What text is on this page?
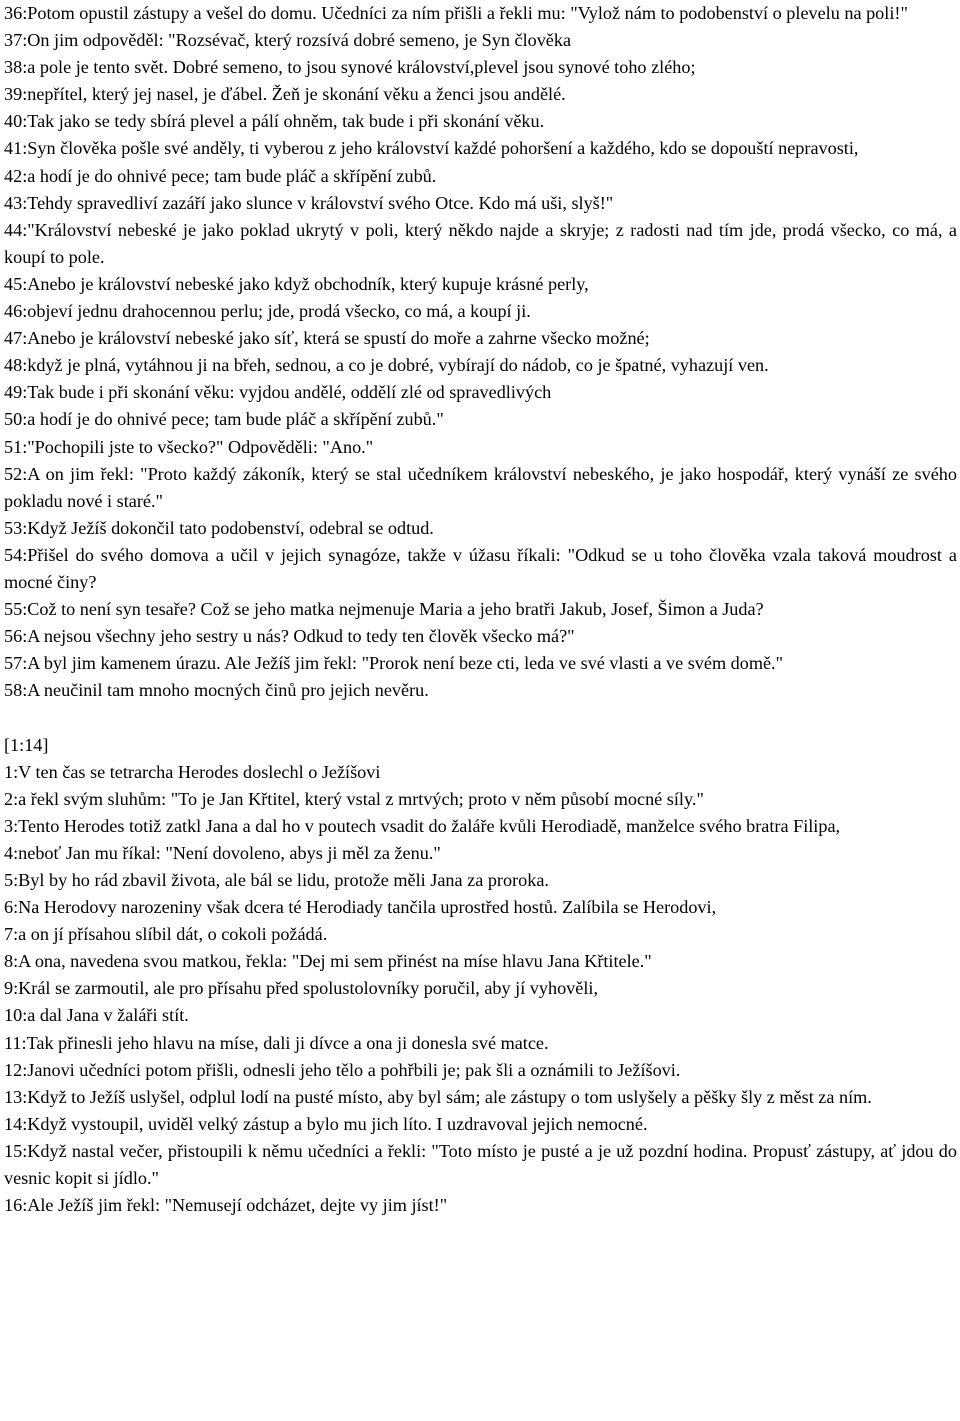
36:Potom opustil zástupy a vešel do domu. Učedníci za ním přišli a řekli mu: "Vylož nám to podobenství o plevelu na poli!"

37:On jim odpověděl: "Rozsévač, který rozsívá dobré semeno, je Syn člověka

38:a pole je tento svět. Dobré semeno, to jsou synové království,plevel jsou synové toho zlého;

39:nepřítel, který jej nasel, je ďábel. Žeň je skonání věku a ženci jsou andělé.

40:Tak jako se tedy sbírá plevel a pálí ohněm, tak bude i při skonání věku.

41:Syn člověka pošle své anděly, ti vyberou z jeho království každé pohoršení a každého, kdo se dopouští nepravosti,

42:a hodí je do ohnivé pece; tam bude pláč a skřípění zubů.

43:Tehdy spravedliví zazáří jako slunce v království svého Otce. Kdo má uši, slyš!"

44:"Království nebeské je jako poklad ukrytý v poli, který někdo najde a skryje; z radosti nad tím jde, prodá všecko, co má, a koupí to pole.

45:Anebo je království nebeské jako když obchodník, který kupuje krásné perly,

46:objeví jednu drahocennou perlu; jde, prodá všecko, co má, a koupí ji.

47:Anebo je království nebeské jako síť, která se spustí do moře a zahrne všecko možné;

48:když je plná, vytáhnou ji na břeh, sednou, a co je dobré, vybírají do nádob, co je špatné, vyhazují ven.

49:Tak bude i při skonání věku: vyjdou andělé, oddělí zlé od spravedlivých

50:a hodí je do ohnivé pece; tam bude pláč a skřípění zubů."

51:"Pochopili jste to všecko?" Odpověděli: "Ano."

52:A on jim řekl: "Proto každý zákoník, který se stal učedníkem království nebeského, je jako hospodář, který vynáší ze svého pokladu nové i staré."

53:Když Ježíš dokončil tato podobenství, odebral se odtud.

54:Přišel do svého domova a učil v jejich synagóze, takže v úžasu říkali: "Odkud se u toho člověka vzala taková moudrost a mocné činy?

55:Což to není syn tesaře? Což se jeho matka nejmenuje Maria a jeho bratři Jakub, Josef, Šimon a Juda?

56:A nejsou všechny jeho sestry u nás? Odkud to tedy ten člověk všecko má?"

57:A byl jim kamenem úrazu. Ale Ježíš jim řekl: "Prorok není beze cti, leda ve své vlasti a ve svém domě."

58:A neučinil tam mnoho mocných činů pro jejich nevěru.

[1:14]

1:V ten čas se tetrarcha Herodes doslechl o Ježíšovi

2:a řekl svým sluhům: "To je Jan Křtitel, který vstal z mrtvých; proto v něm působí mocné síly."

3:Tento Herodes totiž zatkl Jana a dal ho v poutech vsadit do žaláře kvůli Herodiadě, manželce svého bratra Filipa,

4:neboť Jan mu říkal: "Není dovoleno, abys ji měl za ženu."

5:Byl by ho rád zbavil života, ale bál se lidu, protože měli Jana za proroka.

6:Na Herodovy narozeniny však dcera té Herodiady tančila uprostřed hostů. Zalíbila se Herodovi,

7:a on jí přísahou slíbil dát, o cokoli požádá.

8:A ona, navedena svou matkou, řekla: "Dej mi sem přinést na míse hlavu Jana Křtitele."

9:Král se zarmoutil, ale pro přísahu před spolustolovníky poručil, aby jí vyhověli,

10:a dal Jana v žaláři stít.

11:Tak přinesli jeho hlavu na míse, dali ji dívce a ona ji donesla své matce.

12:Janovi učedníci potom přišli, odnesli jeho tělo a pohřbili je; pak šli a oznámili to Ježíšovi.

13:Když to Ježíš uslyšel, odplul lodí na pusté místo, aby byl sám; ale zástupy o tom uslyšely a pěšky šly z měst za ním.

14:Když vystoupil, uviděl velký zástup a bylo mu jich líto. I uzdravoval jejich nemocné.

15:Když nastal večer, přistoupili k němu učedníci a řekli: "Toto místo je pusté a je už pozdní hodina. Propusť zástupy, ať jdou do vesnic kopit si jídlo."

16:Ale Ježíš jim řekl: "Nemusejí odcházet, dejte vy jim jíst!"
